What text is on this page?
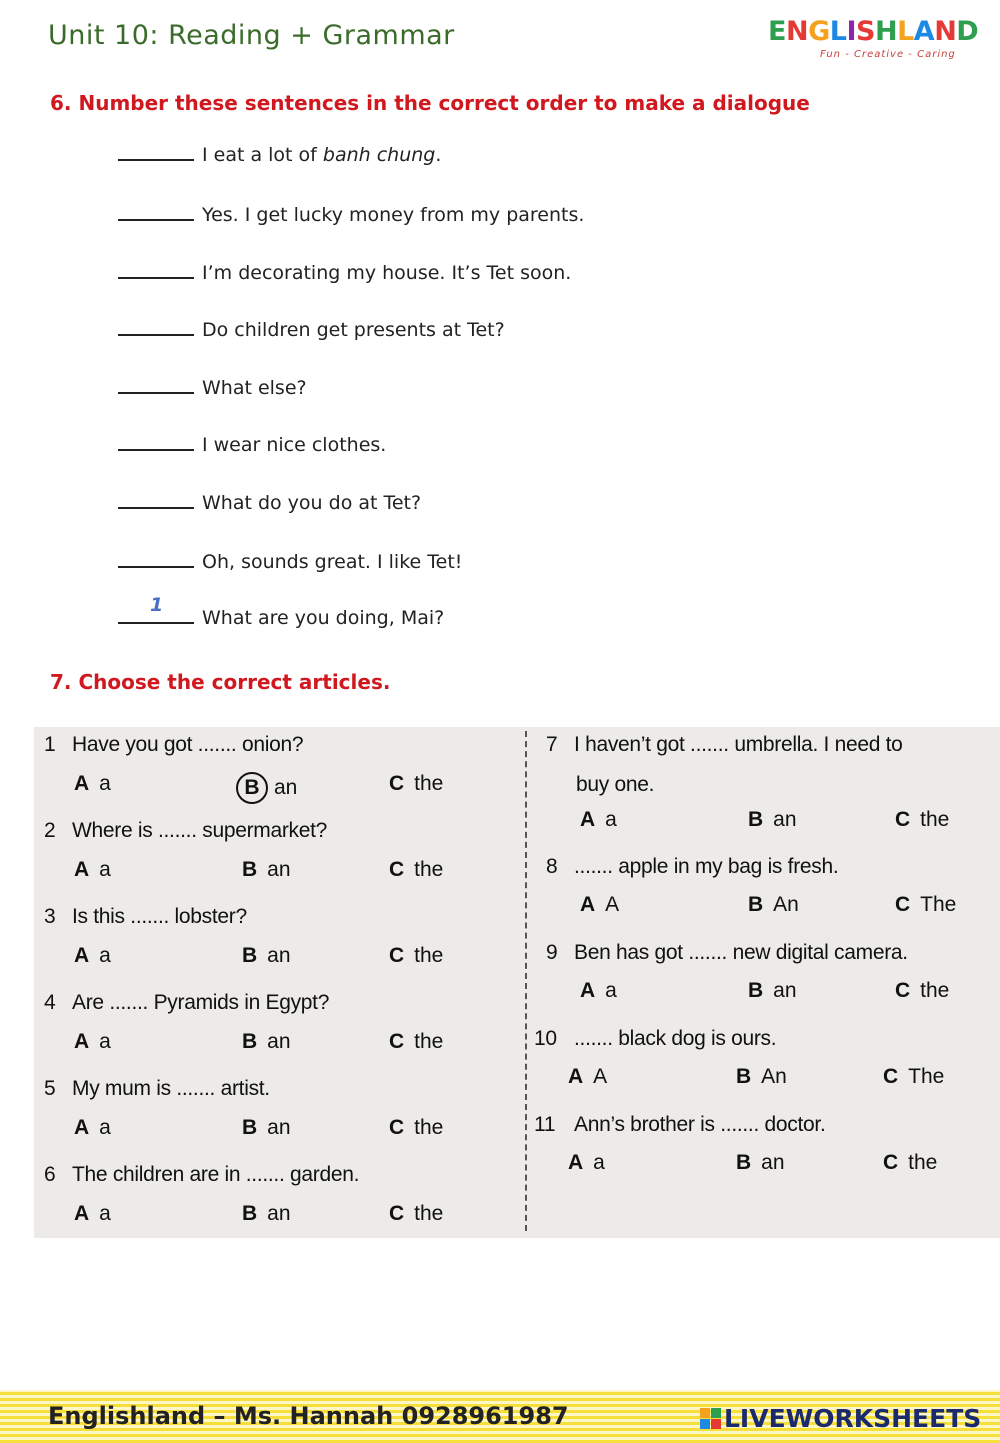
Unit 10: Reading + Grammar	ENGLISHLAND
Fun - Creative - Caring
6. Number these sentences in the correct order to make a dialogue
I eat a lot of banh chung.
Yes. I get lucky money from my parents.
I’m decorating my house. It’s Tet soon.
Do children get presents at Tet?
What else?
I wear nice clothes.
What do you do at Tet?
Oh, sounds great. I like Tet!
1
What are you doing, Mai?
7. Choose the correct articles.
1 Have you got ....... onion?
A a	B an	C the
2 Where is ....... supermarket?
A a	B an	C the
3 Is this ....... lobster?
A a	B an	C the
4 Are ....... Pyramids in Egypt?
A a	B an	C the
5 My mum is ....... artist.
A a	B an	C the
6 The children are in ....... garden.
A a	B an	C the
7 I haven’t got ....... umbrella. I need to
buy one.
A a	B an	C the
8 ....... apple in my bag is fresh.
A A	B An	C The
9 Ben has got ....... new digital camera.
A a	B an	C the
10 ....... black dog is ours.
A A	B An	C The
11 Ann’s brother is ....... doctor.
A a	B an	C the
Englishland – Ms. Hannah 0928961987	LIVEWORKSHEETS
